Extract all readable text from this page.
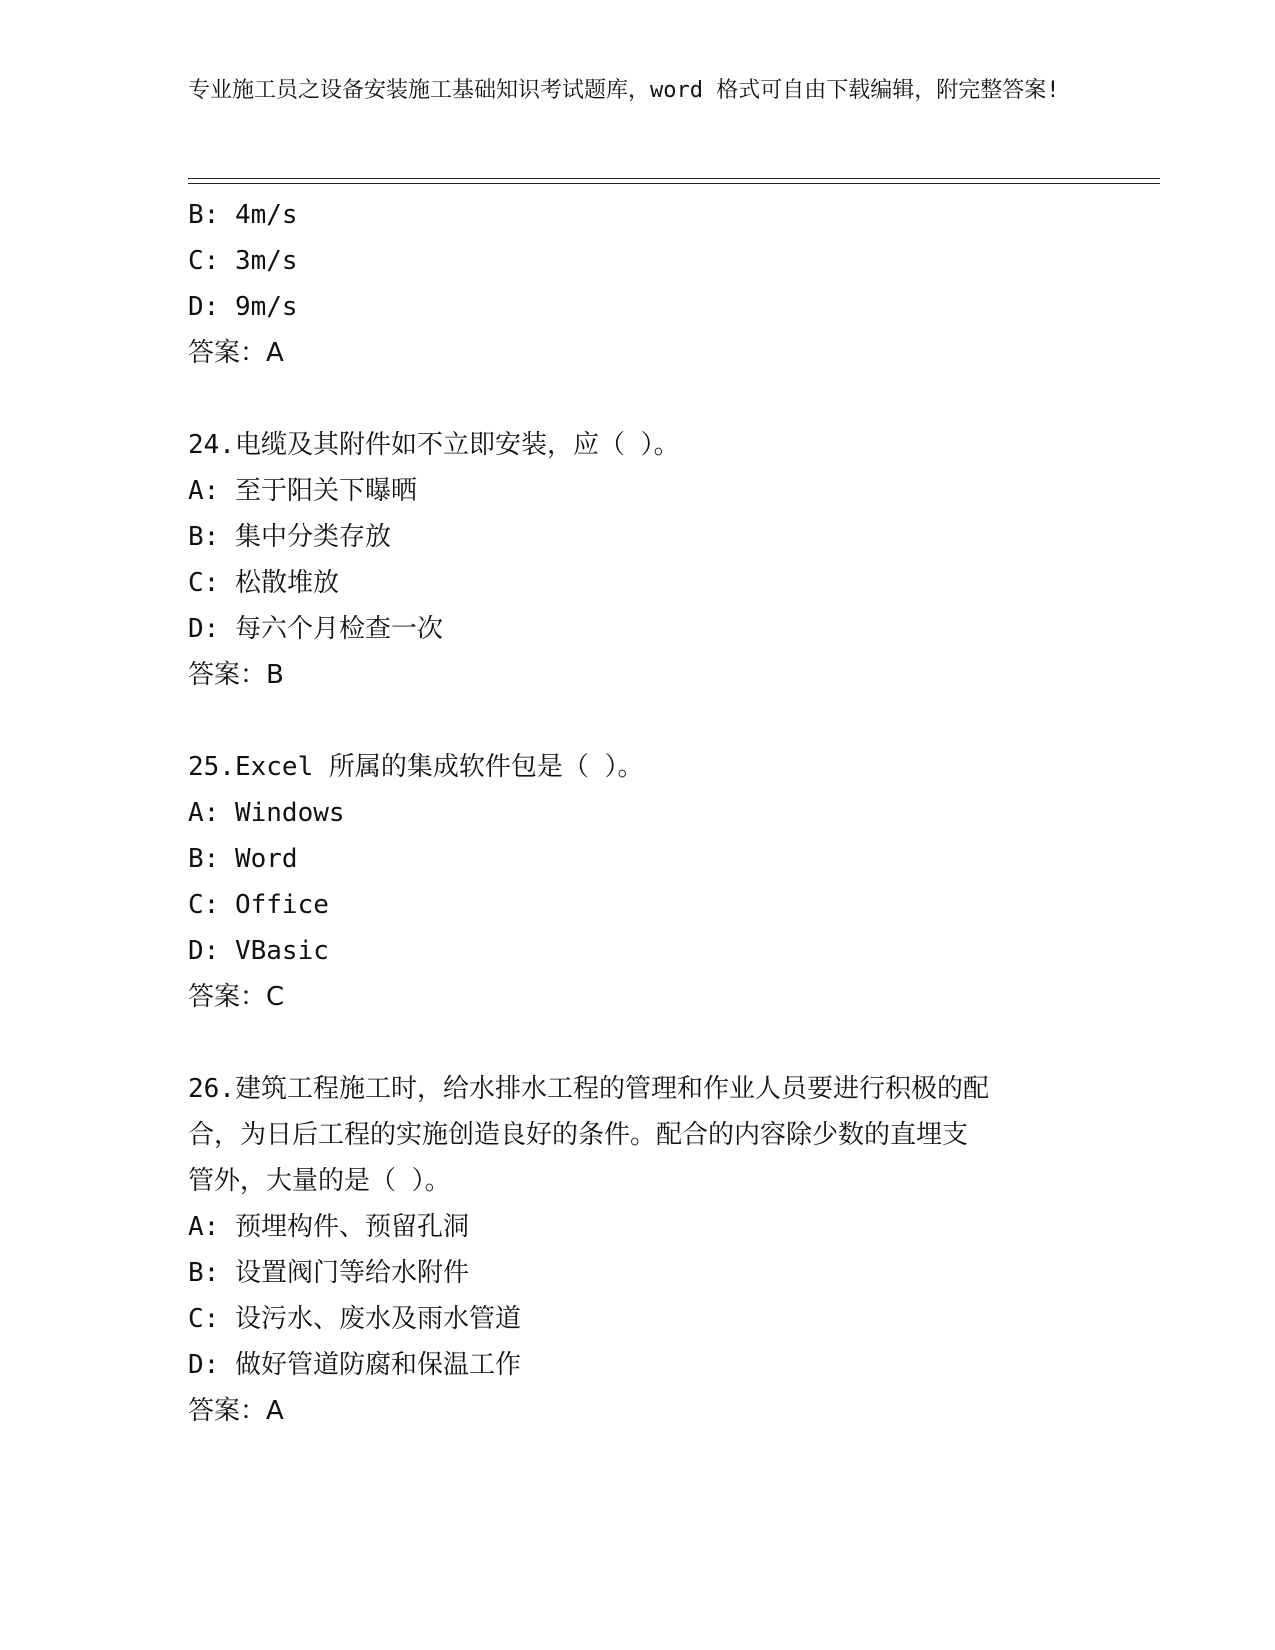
专业施工员之设备安装施工基础知识考试题库，word 格式可自由下载编辑，附完整答案!
B: 4m/s
C: 3m/s
D: 9m/s
答案：A
24.电缆及其附件如不立即安装，应（ ）。
A: 至于阳关下曝晒
B: 集中分类存放
C: 松散堆放
D: 每六个月检查一次
答案：B
25.Excel 所属的集成软件包是（ ）。
A: Windows
B: Word
C: Office
D: VBasic
答案：C
26.建筑工程施工时，给水排水工程的管理和作业人员要进行积极的配
合，为日后工程的实施创造良好的条件。配合的内容除少数的直埋支
管外，大量的是（ ）。
A: 预埋构件、预留孔洞
B: 设置阀门等给水附件
C: 设污水、废水及雨水管道
D: 做好管道防腐和保温工作
答案：A
